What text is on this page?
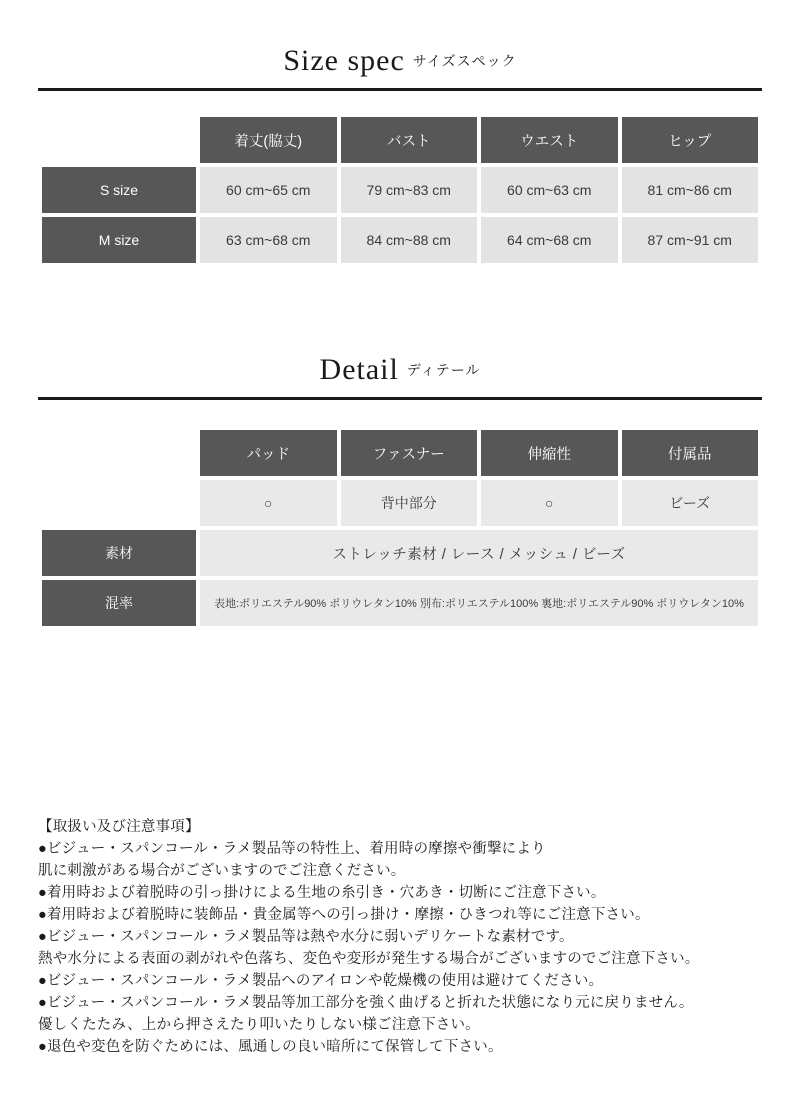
Size spec サイズスペック
	着丈(脇丈)	バスト	ウエスト	ヒップ
S size	60 cm~65 cm	79 cm~83 cm	60 cm~63 cm	81 cm~86 cm
M size	63 cm~68 cm	84 cm~88 cm	64 cm~68 cm	87 cm~91 cm
Detail ディテール
	パッド	ファスナー	伸縮性	付属品
	○	背中部分	○	ビーズ
素材	ストレッチ素材 / レース / メッシュ / ビーズ			
混率	表地:ポリエステル90% ポリウレタン10% 別布:ポリエステル100% 裏地:ポリエステル90% ポリウレタン10%			
【取扱い及び注意事項】
●ビジュー・スパンコール・ラメ製品等の特性上、着用時の摩擦や衝撃により
肌に刺激がある場合がございますのでご注意ください。
●着用時および着脱時の引っ掛けによる生地の糸引き・穴あき・切断にご注意下さい。
●着用時および着脱時に装飾品・貴金属等への引っ掛け・摩擦・ひきつれ等にご注意下さい。
●ビジュー・スパンコール・ラメ製品等は熱や水分に弱いデリケートな素材です。
熱や水分による表面の剥がれや色落ち、変色や変形が発生する場合がございますのでご注意下さい。
●ビジュー・スパンコール・ラメ製品へのアイロンや乾燥機の使用は避けてください。
●ビジュー・スパンコール・ラメ製品等加工部分を強く曲げると折れた状態になり元に戻りません。
優しくたたみ、上から押さえたり叩いたりしない様ご注意下さい。
●退色や変色を防ぐためには、風通しの良い暗所にて保管して下さい。
